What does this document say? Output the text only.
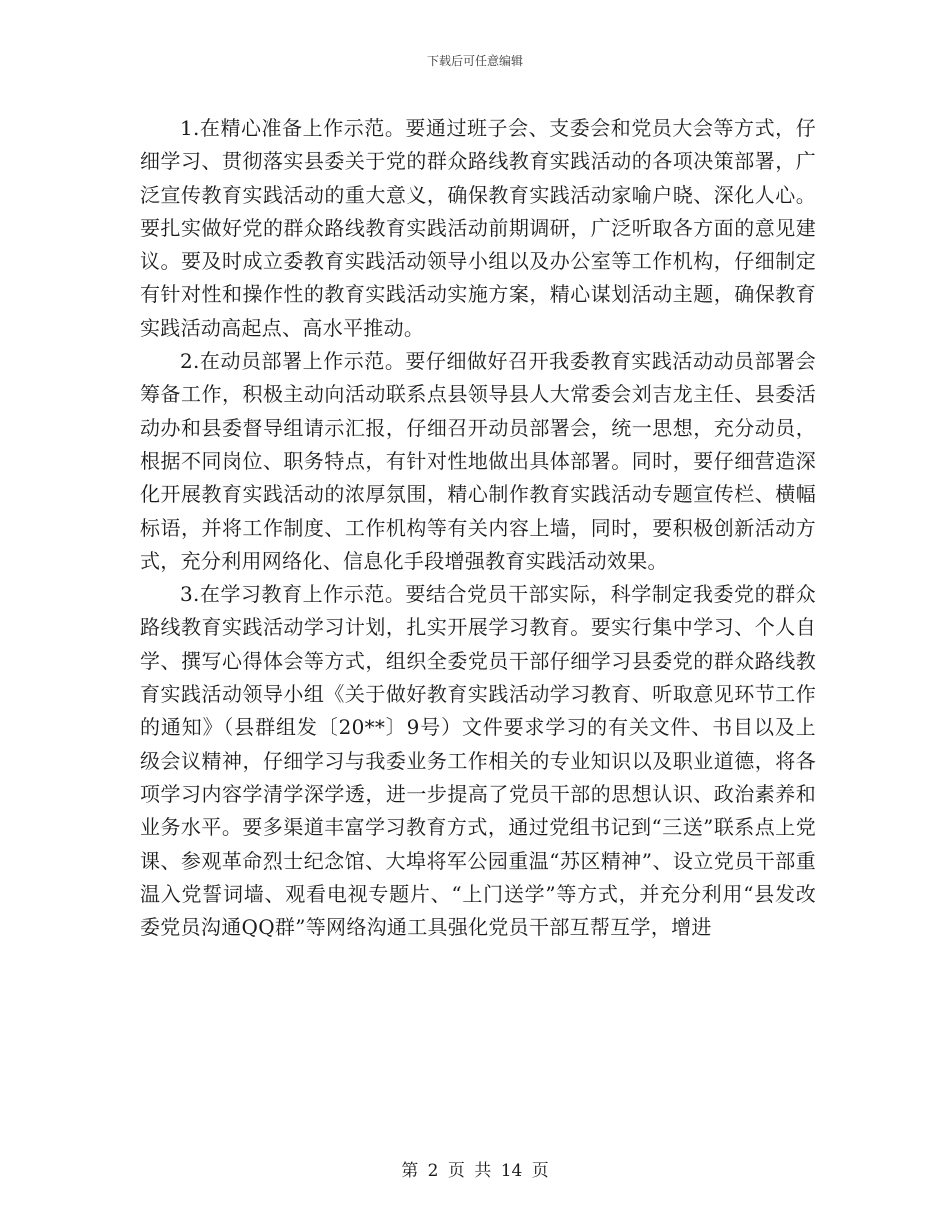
下载后可任意编辑

1.在精心准备上作示范。要通过班子会、支委会和党员大会等方式，仔细学习、贯彻落实县委关于党的群众路线教育实践活动的各项决策部署，广泛宣传教育实践活动的重大意义，确保教育实践活动家喻户晓、深化人心。要扎实做好党的群众路线教育实践活动前期调研，广泛听取各方面的意见建议。要及时成立委教育实践活动领导小组以及办公室等工作机构，仔细制定有针对性和操作性的教育实践活动实施方案，精心谋划活动主题，确保教育实践活动高起点、高水平推动。

2.在动员部署上作示范。要仔细做好召开我委教育实践活动动员部署会筹备工作，积极主动向活动联系点县领导县人大常委会刘吉龙主任、县委活动办和县委督导组请示汇报，仔细召开动员部署会，统一思想，充分动员，根据不同岗位、职务特点，有针对性地做出具体部署。同时，要仔细营造深化开展教育实践活动的浓厚氛围，精心制作教育实践活动专题宣传栏、横幅标语，并将工作制度、工作机构等有关内容上墙，同时，要积极创新活动方式，充分利用网络化、信息化手段增强教育实践活动效果。

3.在学习教育上作示范。要结合党员干部实际，科学制定我委党的群众路线教育实践活动学习计划，扎实开展学习教育。要实行集中学习、个人自学、撰写心得体会等方式，组织全委党员干部仔细学习县委党的群众路线教育实践活动领导小组《关于做好教育实践活动学习教育、听取意见环节工作的通知》（县群组发〔20**〕9号）文件要求学习的有关文件、书目以及上级会议精神，仔细学习与我委业务工作相关的专业知识以及职业道德，将各项学习内容学清学深学透，进一步提高了党员干部的思想认识、政治素养和业务水平。要多渠道丰富学习教育方式，通过党组书记到“三送”联系点上党课、参观革命烈士纪念馆、大埠将军公园重温“苏区精神”、设立党员干部重温入党誓词墙、观看电视专题片、“上门送学”等方式，并充分利用“县发改委党员沟通QQ群”等网络沟通工具强化党员干部互帮互学，增进

第 2 页 共 14 页
